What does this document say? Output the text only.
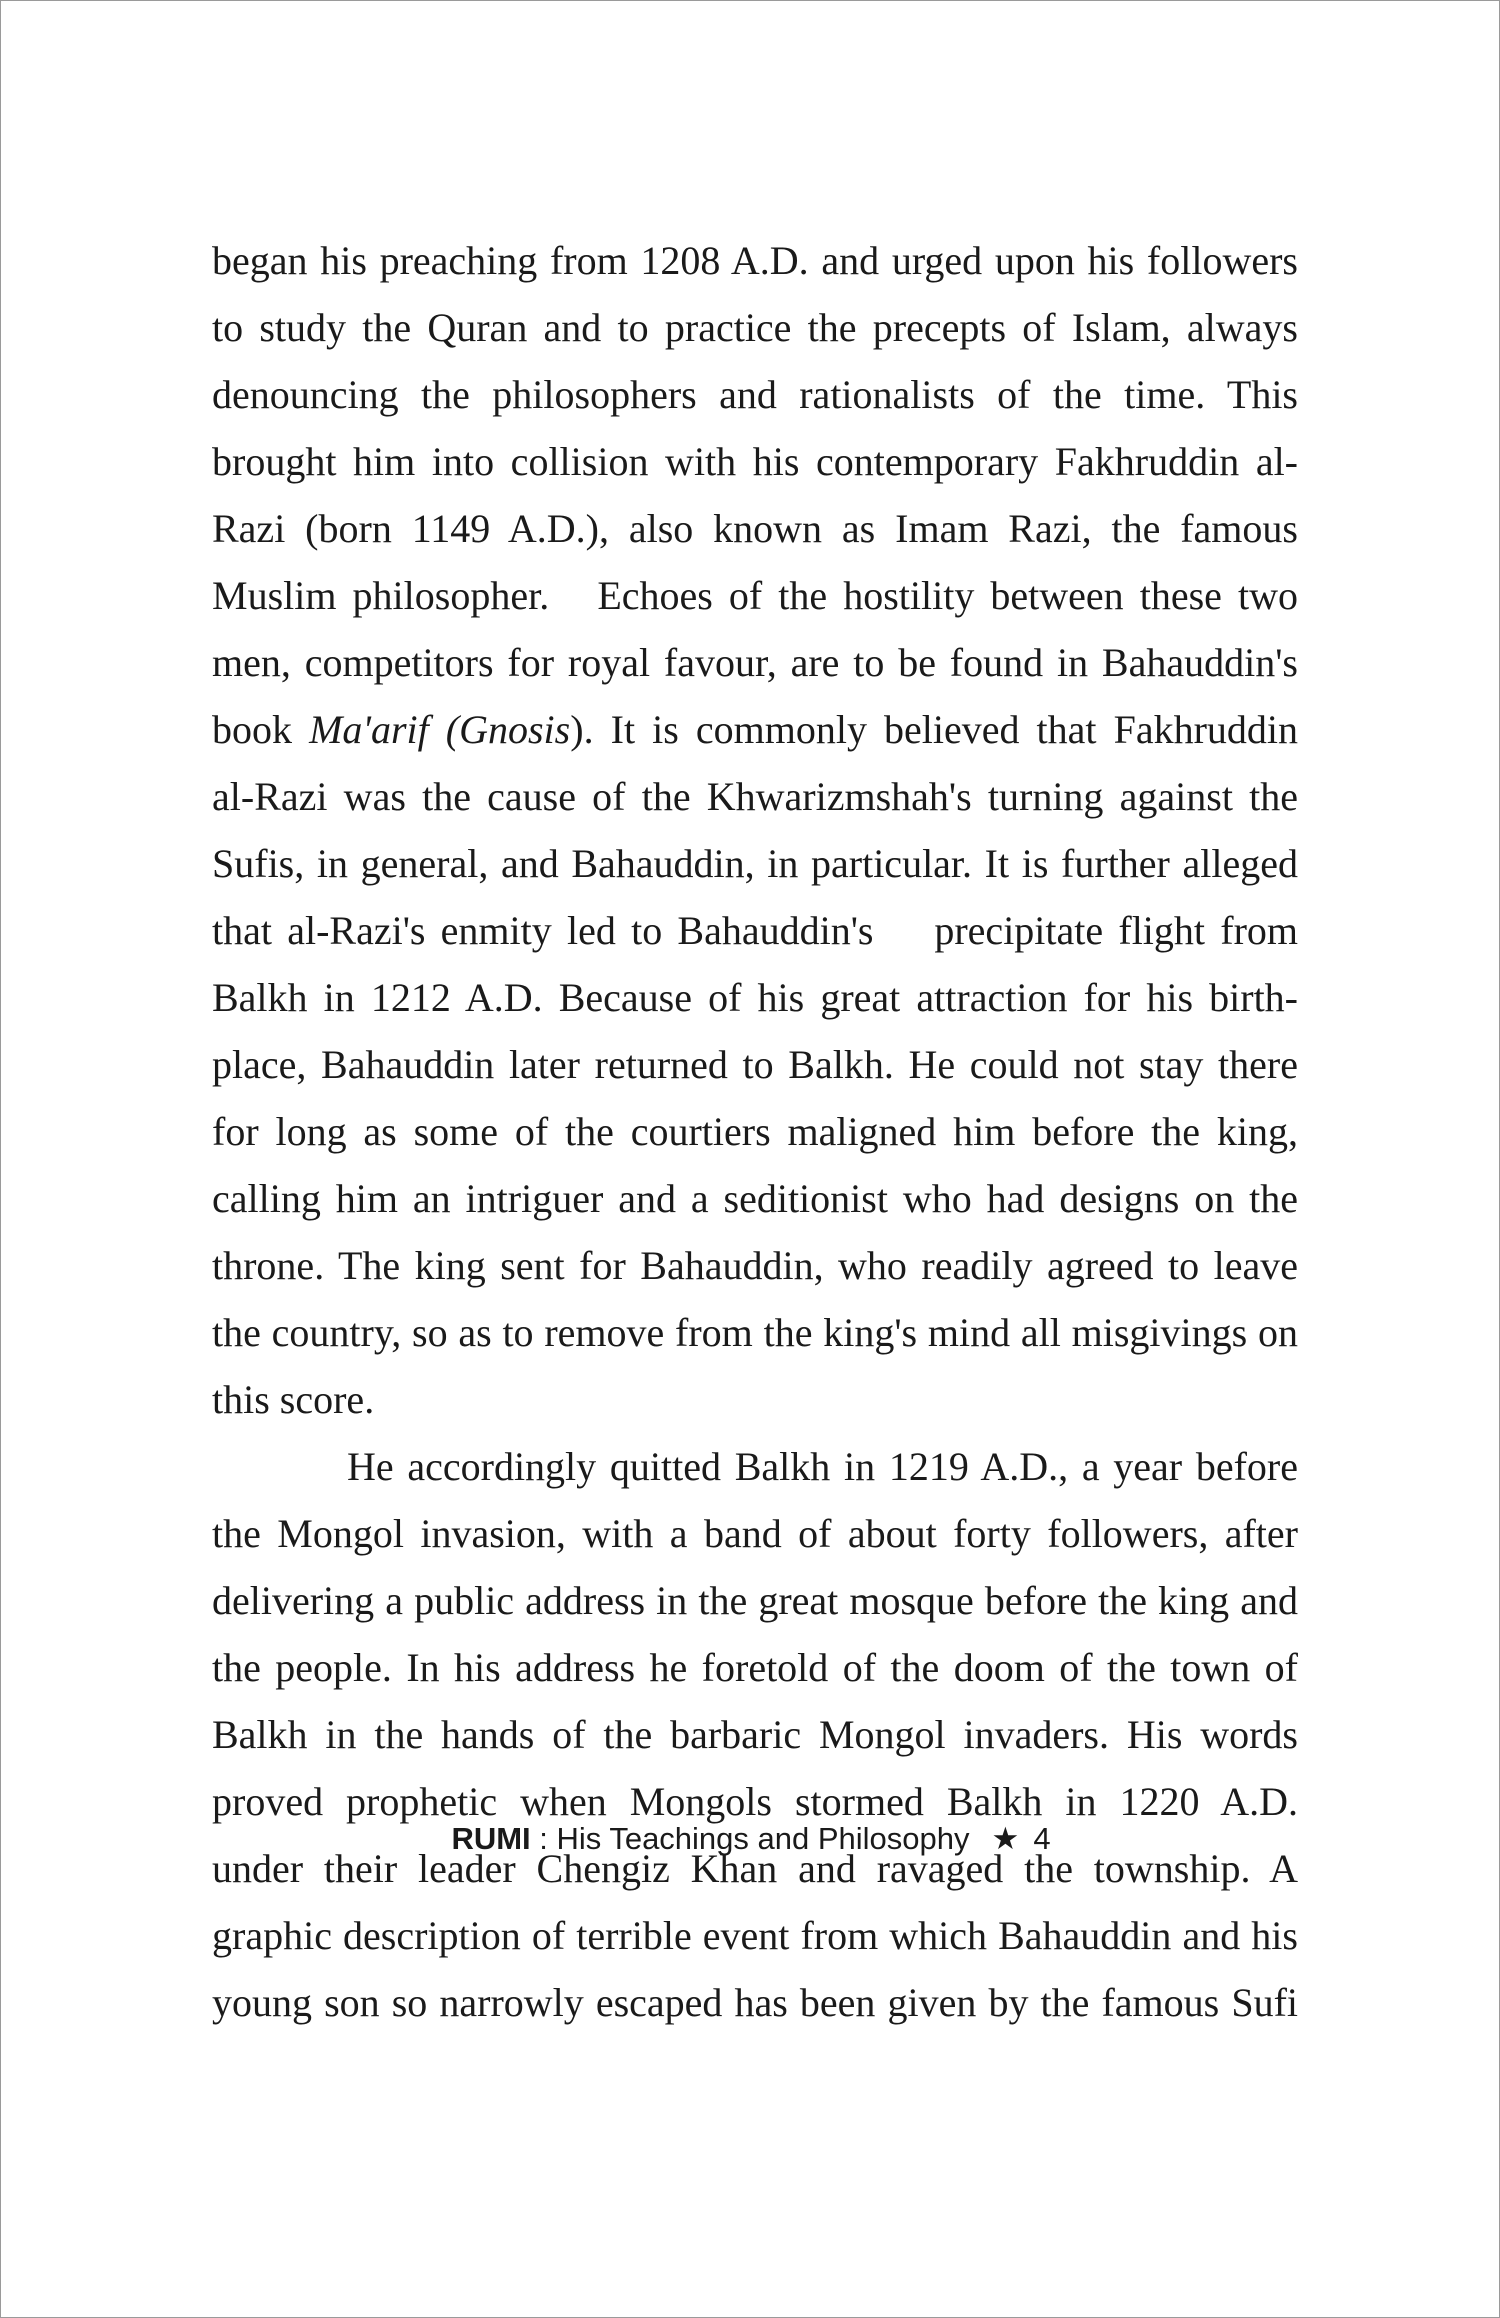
began his preaching from 1208 A.D. and urged upon his followers
to study the Quran and to practice the precepts of Islam, always
denouncing the philosophers and rationalists of the time. This
brought him into collision with his contemporary Fakhruddin al-
Razi (born 1149 A.D.), also known as Imam Razi, the famous
Muslim philosopher.   Echoes of the hostility between these two
men, competitors for royal favour, are to be found in Bahauddin's
book Ma'arif (Gnosis). It is commonly believed that Fakhruddin
al-Razi was the cause of the Khwarizmshah's turning against the
Sufis, in general, and Bahauddin, in particular. It is further alleged
that al-Razi's enmity led to Bahauddin's    precipitate flight from
Balkh in 1212 A.D. Because of his great attraction for his birth-
place, Bahauddin later returned to Balkh. He could not stay there
for long as some of the courtiers maligned him before the king,
calling him an intriguer and a seditionist who had designs on the
throne. The king sent for Bahauddin, who readily agreed to leave
the country, so as to remove from the king's mind all misgivings on
this score.
He accordingly quitted Balkh in 1219 A.D., a year before
the Mongol invasion, with a band of about forty followers, after
delivering a public address in the great mosque before the king and
the people. In his address he foretold of the doom of the town of
Balkh in the hands of the barbaric Mongol invaders. His words
proved prophetic when Mongols stormed Balkh in 1220 A.D.
under their leader Chengiz Khan and ravaged the township. A
graphic description of terrible event from which Bahauddin and his
young son so narrowly escaped has been given by the famous Sufi
RUMI : His Teachings and Philosophy ★ 4
